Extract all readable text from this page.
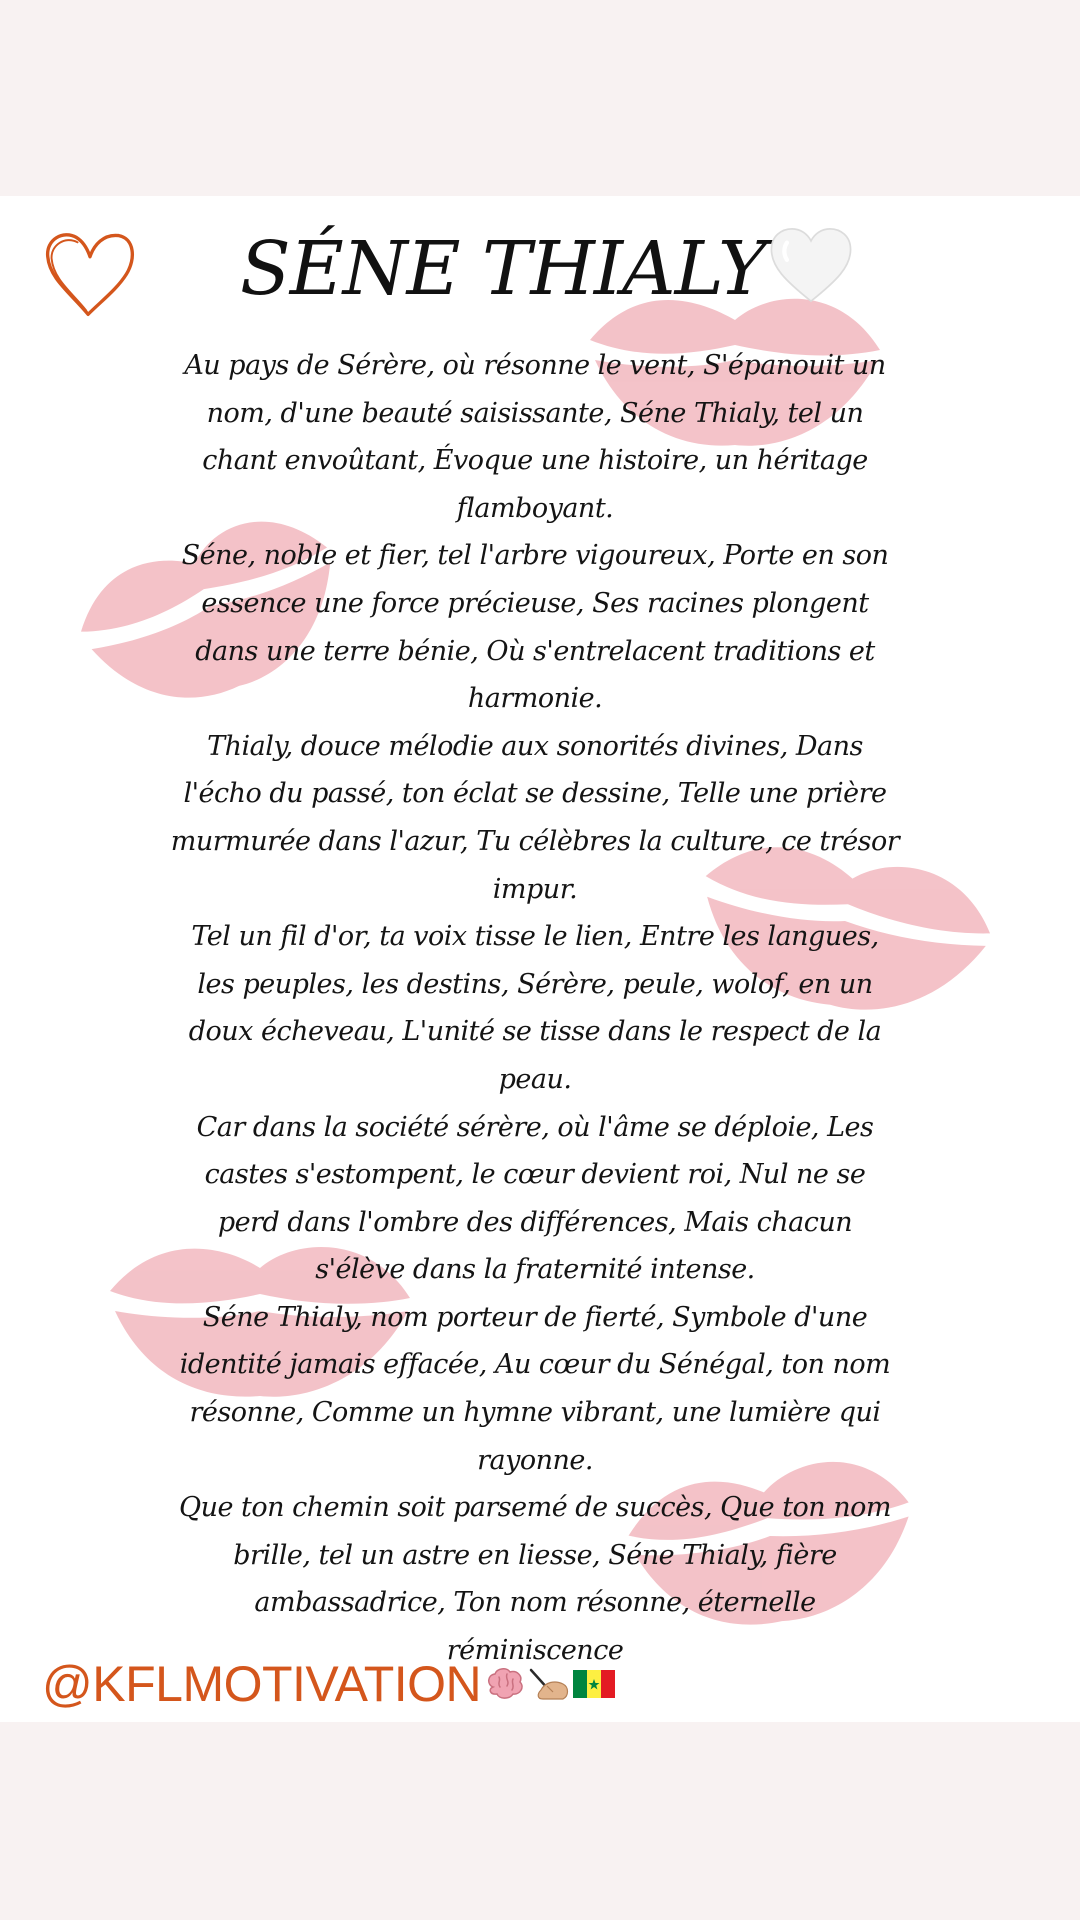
SÉNE THIALY

Au pays de Sérère, où résonne le vent, S'épanouit un nom, d'une beauté saisissante, Séne Thialy, tel un chant envoûtant, Évoque une histoire, un héritage flamboyant.

Séne, noble et fier, tel l'arbre vigoureux, Porte en son essence une force précieuse, Ses racines plongent dans une terre bénie, Où s'entrelacent traditions et harmonie.

Thialy, douce mélodie aux sonorités divines, Dans l'écho du passé, ton éclat se dessine, Telle une prière murmurée dans l'azur, Tu célèbres la culture, ce trésor impur.

Tel un fil d'or, ta voix tisse le lien, Entre les langues, les peuples, les destins, Sérère, peule, wolof, en un doux écheveau, L'unité se tisse dans le respect de la peau.

Car dans la société sérère, où l'âme se déploie, Les castes s'estompent, le cœur devient roi, Nul ne se perd dans l'ombre des différences, Mais chacun s'élève dans la fraternité intense.

Séne Thialy, nom porteur de fierté, Symbole d'une identité jamais effacée, Au cœur du Sénégal, ton nom résonne, Comme un hymne vibrant, une lumière qui rayonne.

Que ton chemin soit parsemé de succès, Que ton nom brille, tel un astre en liesse, Séne Thialy, fière ambassadrice, Ton nom résonne, éternelle réminiscence

@KFLMOTIVATION
